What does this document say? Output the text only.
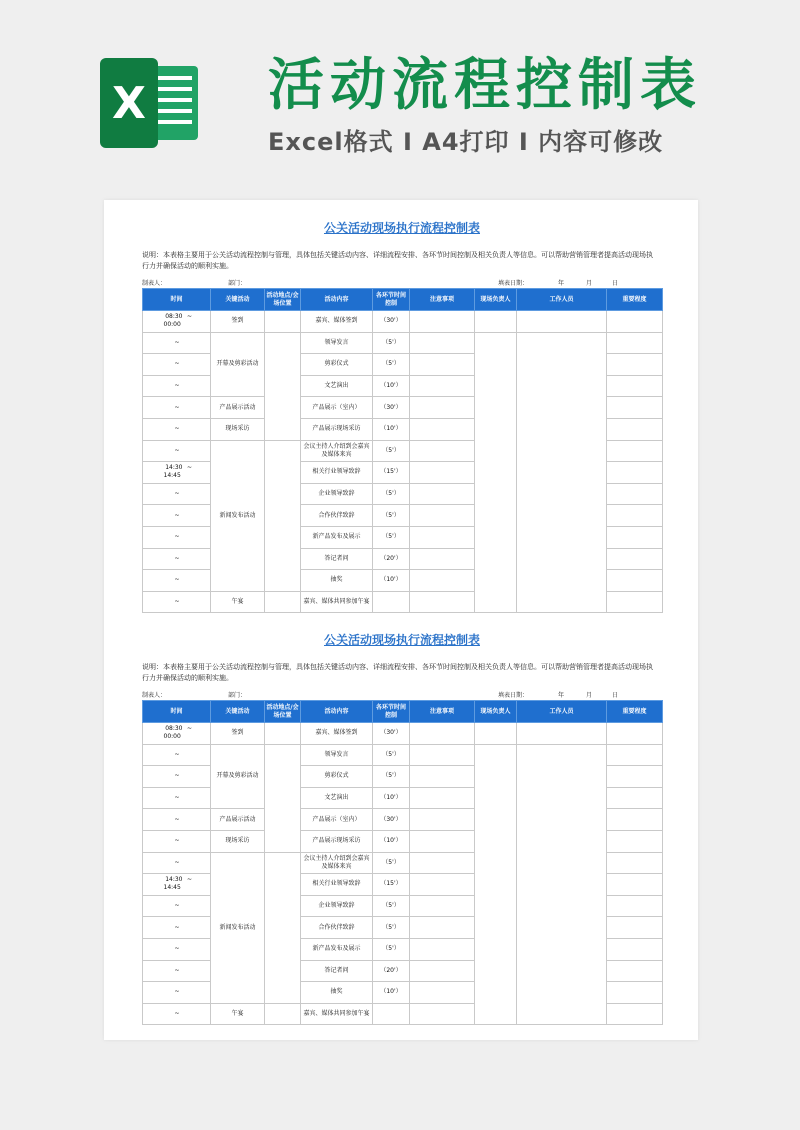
X 活动流程控制表
Excel格式 I A4打印 I 内容可修改
公关活动现场执行流程控制表
说明：本表格主要用于公关活动流程控制与管理，具体包括关键活动内容、详细流程安排、各环节时间控制及相关负责人等信息。可以帮助营销管理者提高活动现场执行力并确保活动的顺利实施。
制表人：	部门：	填表日期：	年	月	日
时间	关键活动	活动地点/会场位置	活动内容	各环节时间控制	注意事项	现场负责人	工作人员	重要程度
08:30 ~00:00	签到		嘉宾、媒体签到	（30'）				
~	开幕及剪彩活动		领导发言	（5'）				
~			剪彩仪式	（5'）				
~			文艺演出	（10'）				
~	产品展示活动		产品展示（室内）	（30'）				
~	现场采访		产品展示现场采访	（10'）				
~	新闻发布活动		会议主持人介绍到会嘉宾及媒体来宾	（5'）				
14:30 ~14:45			相关行业领导致辞	（15'）				
~			企业领导致辞	（5'）				
~			合作伙伴致辞	（5'）				
~			新产品发布及展示	（5'）				
~			答记者问	（20'）				
~			抽奖	（10'）				
~	午宴		嘉宾、媒体共同参加午宴					
公关活动现场执行流程控制表
说明：本表格主要用于公关活动流程控制与管理，具体包括关键活动内容、详细流程安排、各环节时间控制及相关负责人等信息。可以帮助营销管理者提高活动现场执行力并确保活动的顺利实施。
制表人：	部门：	填表日期：	年	月	日
时间	关键活动	活动地点/会场位置	活动内容	各环节时间控制	注意事项	现场负责人	工作人员	重要程度
08:30 ~00:00	签到		嘉宾、媒体签到	（30'）				
~	开幕及剪彩活动		领导发言	（5'）				
~			剪彩仪式	（5'）				
~			文艺演出	（10'）				
~	产品展示活动		产品展示（室内）	（30'）				
~	现场采访		产品展示现场采访	（10'）				
~	新闻发布活动		会议主持人介绍到会嘉宾及媒体来宾	（5'）				
14:30 ~14:45			相关行业领导致辞	（15'）				
~			企业领导致辞	（5'）				
~			合作伙伴致辞	（5'）				
~			新产品发布及展示	（5'）				
~			答记者问	（20'）				
~			抽奖	（10'）				
~	午宴		嘉宾、媒体共同参加午宴					
